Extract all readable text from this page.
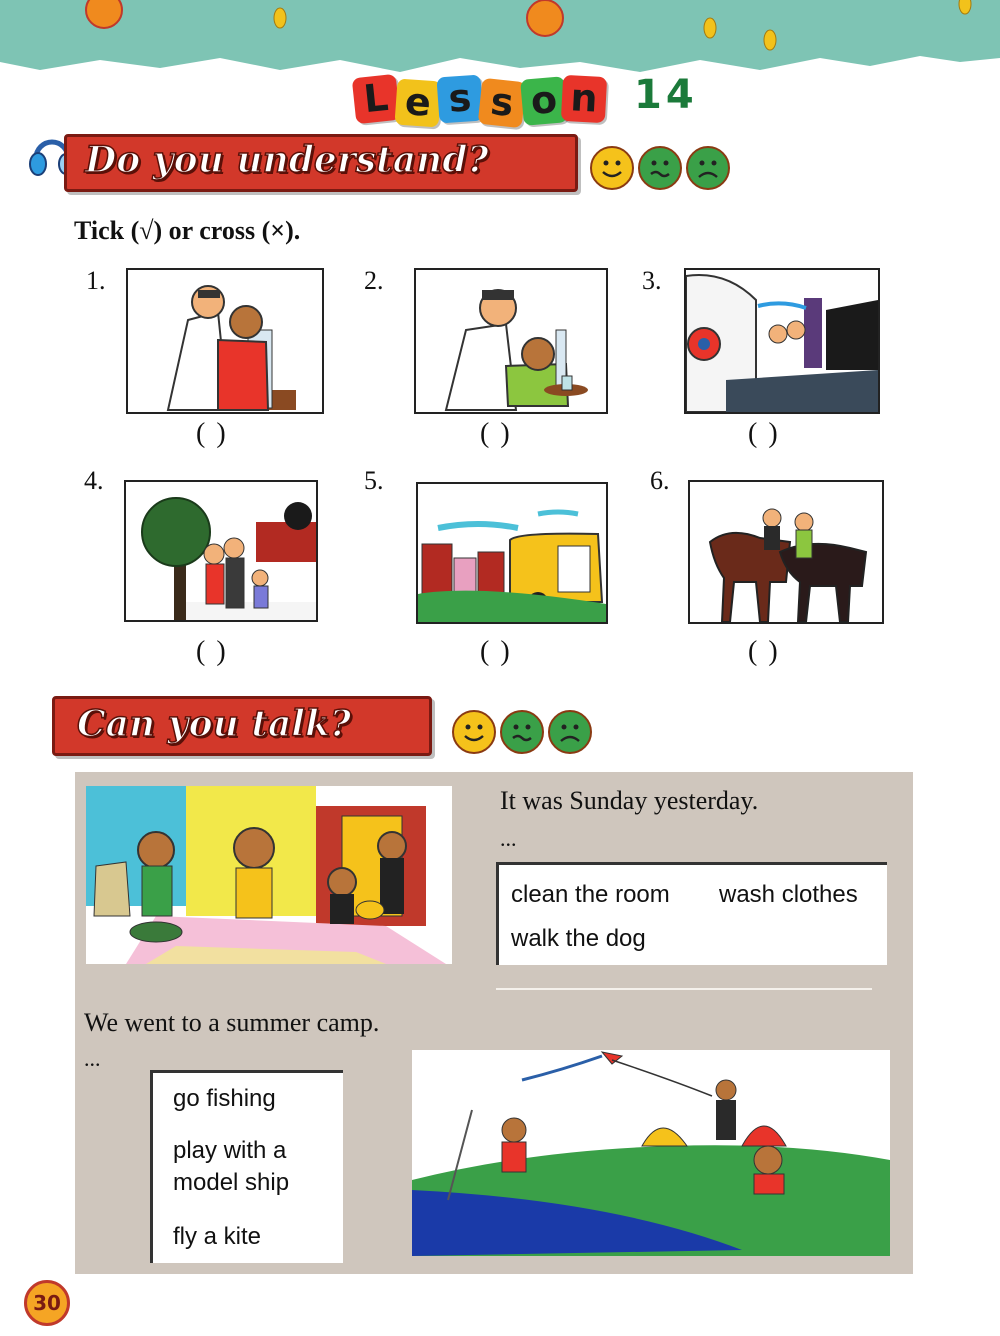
L e s s o n 14
Do you understand?
Tick (√) or cross (×).
1.
( )
2.
( )
3.
( )
4.
( )
5.
( )
6.
( )
Can you talk?
It was Sunday yesterday.
...
clean the room wash clothes
walk the dog
We went to a summer camp.
...
go fishing
play with a
model ship
fly a kite
30
